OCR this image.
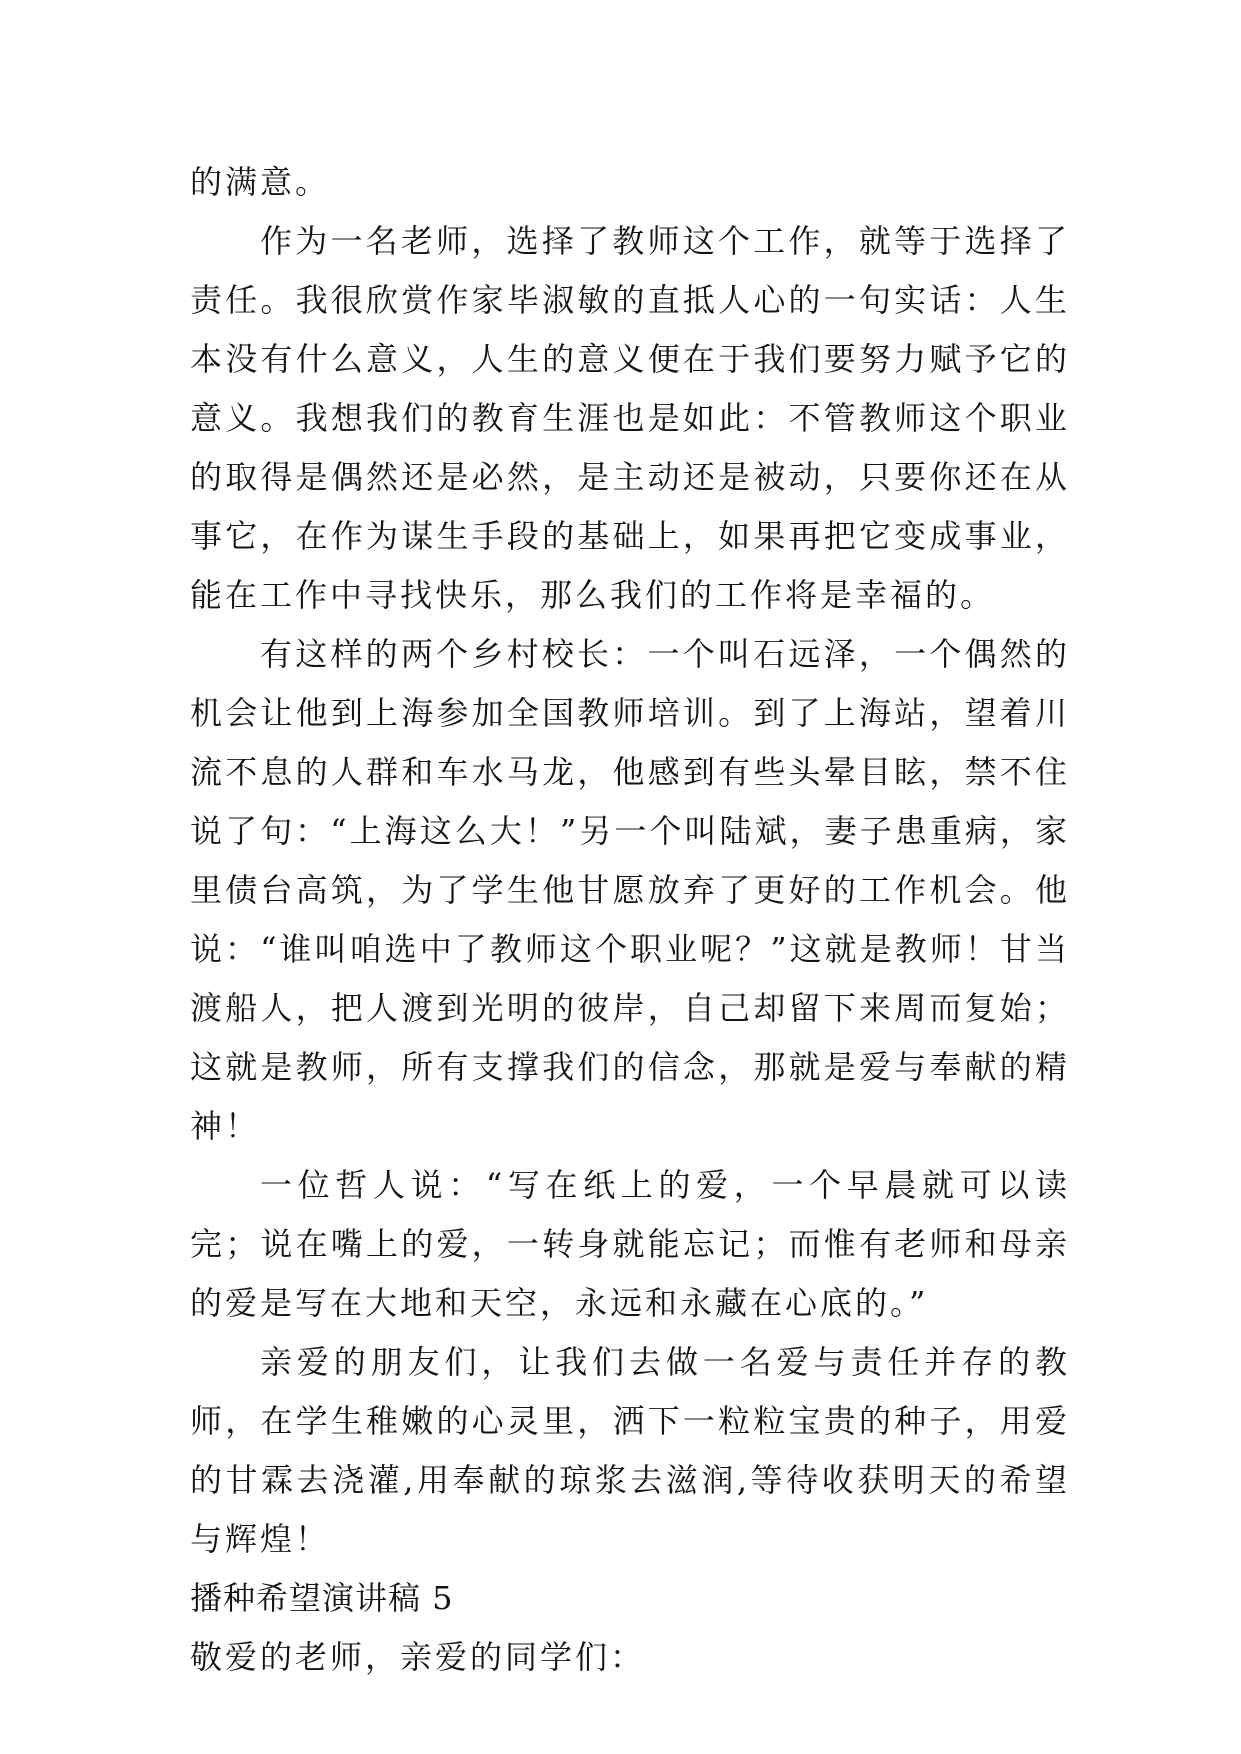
的满意。

作为一名老师，选择了教师这个工作，就等于选择了责任。我很欣赏作家毕淑敏的直抵人心的一句实话：人生本没有什么意义，人生的意义便在于我们要努力赋予它的意义。我想我们的教育生涯也是如此：不管教师这个职业的取得是偶然还是必然，是主动还是被动，只要你还在从事它，在作为谋生手段的基础上，如果再把它变成事业，能在工作中寻找快乐，那么我们的工作将是幸福的。

有这样的两个乡村校长：一个叫石远泽，一个偶然的机会让他到上海参加全国教师培训。到了上海站，望着川流不息的人群和车水马龙，他感到有些头晕目眩，禁不住说了句：“上海这么大！”另一个叫陆斌，妻子患重病，家里债台高筑，为了学生他甘愿放弃了更好的工作机会。他说：“谁叫咱选中了教师这个职业呢？”这就是教师！甘当渡船人，把人渡到光明的彼岸，自己却留下来周而复始；这就是教师，所有支撑我们的信念，那就是爱与奉献的精神！

一位哲人说：“写在纸上的爱，一个早晨就可以读完；说在嘴上的爱，一转身就能忘记；而惟有老师和母亲的爱是写在大地和天空，永远和永藏在心底的。”

亲爱的朋友们，让我们去做一名爱与责任并存的教师，在学生稚嫩的心灵里，洒下一粒粒宝贵的种子，用爱的甘霖去浇灌,用奉献的琼浆去滋润,等待收获明天的希望与辉煌！

播种希望演讲稿 5

敬爱的老师，亲爱的同学们：
